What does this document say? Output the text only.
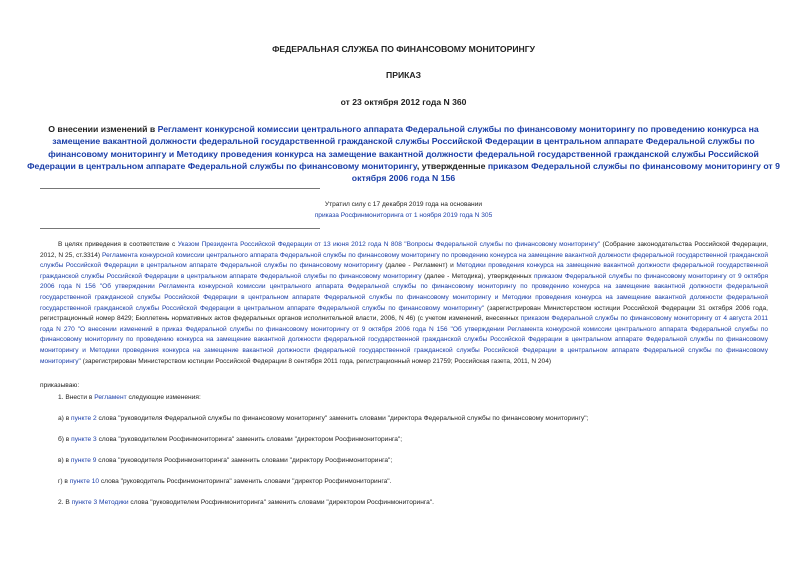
ФЕДЕРАЛЬНАЯ СЛУЖБА ПО ФИНАНСОВОМУ МОНИТОРИНГУ
ПРИКАЗ
от 23 октября 2012 года N 360
О внесении изменений в Регламент конкурсной комиссии центрального аппарата Федеральной службы по финансовому мониторингу по проведению конкурса на замещение вакантной должности федеральной государственной гражданской службы Российской Федерации в центральном аппарате Федеральной службы по финансовому мониторингу и Методику проведения конкурса на замещение вакантной должности федеральной государственной гражданской службы Российской Федерации в центральном аппарате Федеральной службы по финансовому мониторингу, утвержденные приказом Федеральной службы по финансовому мониторингу от 9 октября 2006 года N 156
Утратил силу с 17 декабря 2019 года на основании
приказа Росфинмониторинга от 1 ноября 2019 года N 305
В целях приведения в соответствие с Указом Президента Российской Федерации от 13 июня 2012 года N 808 "Вопросы Федеральной службы по финансовому мониторингу" (Собрание законодательства Российской Федерации, 2012, N 25, ст.3314) Регламента конкурсной комиссии центрального аппарата Федеральной службы по финансовому мониторингу по проведению конкурса на замещение вакантной должности федеральной государственной гражданской службы Российской Федерации в центральном аппарате Федеральной службы по финансовому мониторингу (далее - Регламент) и Методики проведения конкурса на замещение вакантной должности федеральной государственной гражданской службы Российской Федерации в центральном аппарате Федеральной службы по финансовому мониторингу (далее - Методика), утвержденных приказом Федеральной службы по финансовому мониторингу от 9 октября 2006 года N 156 "Об утверждении Регламента конкурсной комиссии центрального аппарата Федеральной службы по финансовому мониторингу по проведению конкурса на замещение вакантной должности федеральной государственной гражданской службы Российской Федерации в центральном аппарате Федеральной службы по финансовому мониторингу и Методики проведения конкурса на замещение вакантной должности федеральной государственной гражданской службы Российской Федерации в центральном аппарате Федеральной службы по финансовому мониторингу" (зарегистрирован Министерством юстиции Российской Федерации 31 октября 2006 года, регистрационный номер 8429; Бюллетень нормативных актов федеральных органов исполнительной власти, 2006, N 46) (с учетом изменений, внесенных приказом Федеральной службы по финансовому мониторингу от 4 августа 2011 года N 270 "О внесении изменений в приказ Федеральной службы по финансовому мониторингу от 9 октября 2006 года N 156 "Об утверждении Регламента конкурсной комиссии центрального аппарата Федеральной службы по финансовому мониторингу по проведению конкурса на замещение вакантной должности федеральной государственной гражданской службы Российской Федерации в центральном аппарате Федеральной службы по финансовому мониторингу и Методики проведения конкурса на замещение вакантной должности федеральной государственной гражданской службы Российской Федерации в центральном аппарате Федеральной службы по финансовому мониторингу" (зарегистрирован Министерством юстиции Российской Федерации 8 сентября 2011 года, регистрационный номер 21759; Российская газета, 2011, N 204)
приказываю:
1. Внести в Регламент следующие изменения:
а) в пункте 2 слова "руководителя Федеральной службы по финансовому мониторингу" заменить словами "директора Федеральной службы по финансовому мониторингу";
б) в пункте 3 слова "руководителем Росфинмониторинга" заменить словами "директором Росфинмониторинга";
в) в пункте 9 слова "руководителя Росфинмониторинга" заменить словами "директору Росфинмониторинга";
г) в пункте 10 слова "руководитель Росфинмониторинга" заменить словами "директор Росфинмониторинга".
2. В пункте 3 Методики слова "руководителем Росфинмониторинга" заменить словами "директором Росфинмониторинга".
